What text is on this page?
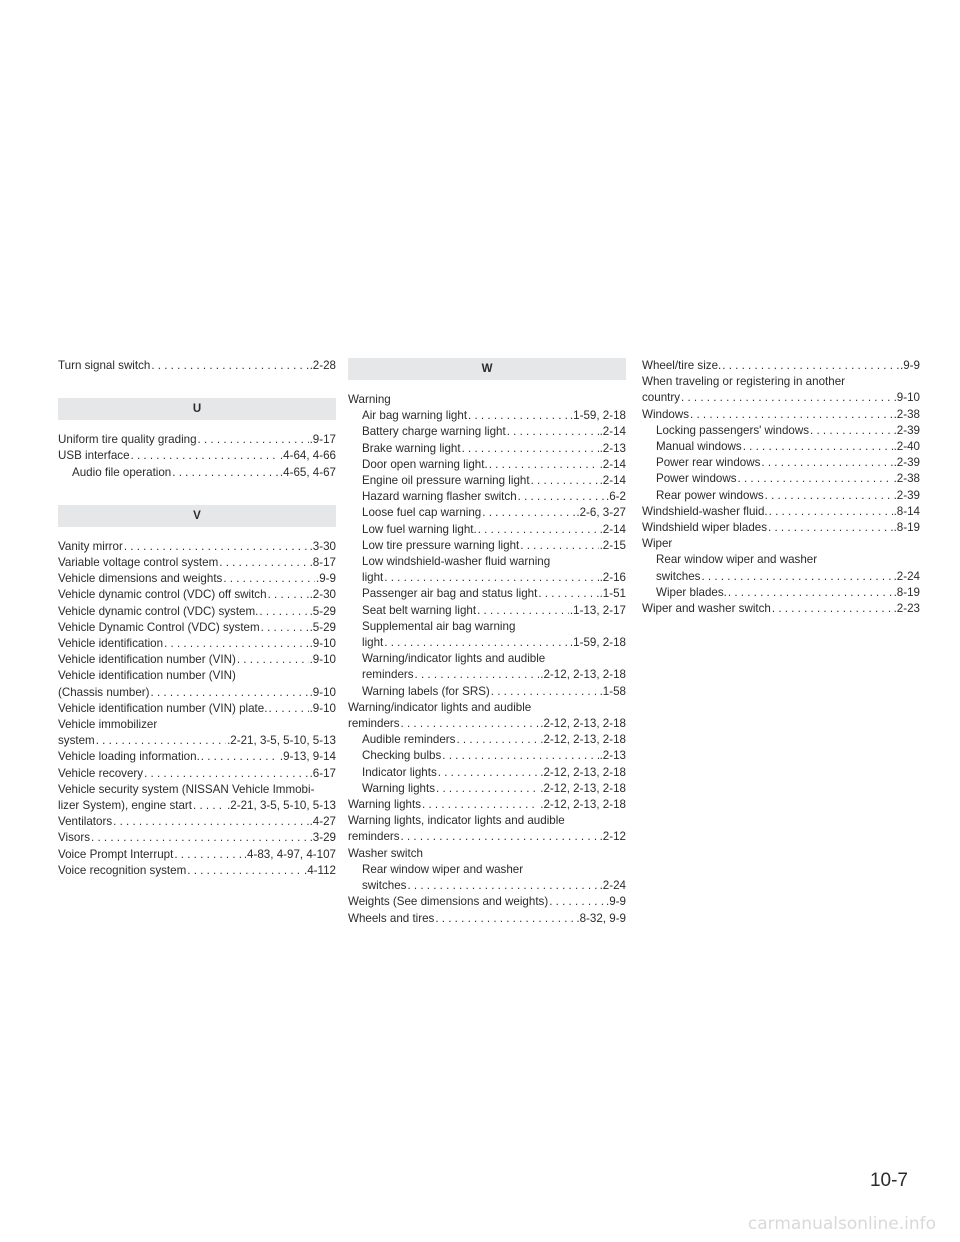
Turn signal switch . . .	.2-28
U
Uniform tire quality grading . . .	.9-17
USB interface . . .	.4-64, 4-66
Audio file operation . . .	.4-65, 4-67
V
Vanity mirror . . .	.3-30
Variable voltage control system . . .	.8-17
Vehicle dimensions and weights . . .	.9-9
Vehicle dynamic control (VDC) off switch . . .	.2-30
Vehicle dynamic control (VDC) system. . . .	.5-29
Vehicle Dynamic Control (VDC) system . . .	.5-29
Vehicle identification . . .	.9-10
Vehicle identification number (VIN) . . .	.9-10
Vehicle identification number (VIN)
(Chassis number) . . .	.9-10
Vehicle identification number (VIN) plate. . . .	.9-10
Vehicle immobilizer
system . . .	.2-21, 3-5, 5-10, 5-13
Vehicle loading information. . . .	.9-13, 9-14
Vehicle recovery . . .	.6-17
Vehicle security system (NISSAN Vehicle Immobi-
lizer System), engine start . . .	.2-21, 3-5, 5-10, 5-13
Ventilators . . .	.4-27
Visors . . .	.3-29
Voice Prompt Interrupt . . .	.4-83, 4-97, 4-107
Voice recognition system . . .	.4-112
W
Warning
Air bag warning light . . .	.1-59, 2-18
Battery charge warning light . . .	.2-14
Brake warning light . . .	.2-13
Door open warning light. . . .	.2-14
Engine oil pressure warning light . . .	.2-14
Hazard warning flasher switch . . .	.6-2
Loose fuel cap warning . . .	.2-6, 3-27
Low fuel warning light. . . .	.2-14
Low tire pressure warning light . . .	.2-15
Low windshield-washer fluid warning
light . . .	.2-16
Passenger air bag and status light . . .	.1-51
Seat belt warning light . . .	.1-13, 2-17
Supplemental air bag warning
light . . .	.1-59, 2-18
Warning/indicator lights and audible
reminders . . .	.2-12, 2-13, 2-18
Warning labels (for SRS) . . .	.1-58
Warning/indicator lights and audible
reminders . . .	.2-12, 2-13, 2-18
Audible reminders . . .	.2-12, 2-13, 2-18
Checking bulbs . . .	.2-13
Indicator lights . . .	.2-12, 2-13, 2-18
Warning lights . . .	.2-12, 2-13, 2-18
Warning lights . . .	.2-12, 2-13, 2-18
Warning lights, indicator lights and audible
reminders . . .	.2-12
Washer switch
Rear window wiper and washer
switches . . .	.2-24
Weights (See dimensions and weights) . . .	.9-9
Wheels and tires . . .	.8-32, 9-9
Wheel/tire size. . . .	.9-9
When traveling or registering in another
country . . .	.9-10
Windows . . .	.2-38
Locking passengers' windows . . .	.2-39
Manual windows . . .	.2-40
Power rear windows . . .	.2-39
Power windows . . .	.2-38
Rear power windows . . .	.2-39
Windshield-washer fluid. . . .	.8-14
Windshield wiper blades . . .	.8-19
Wiper
Rear window wiper and washer
switches . . .	.2-24
Wiper blades. . . .	.8-19
Wiper and washer switch . . .	.2-23
10-7
carmanualsonline.info
